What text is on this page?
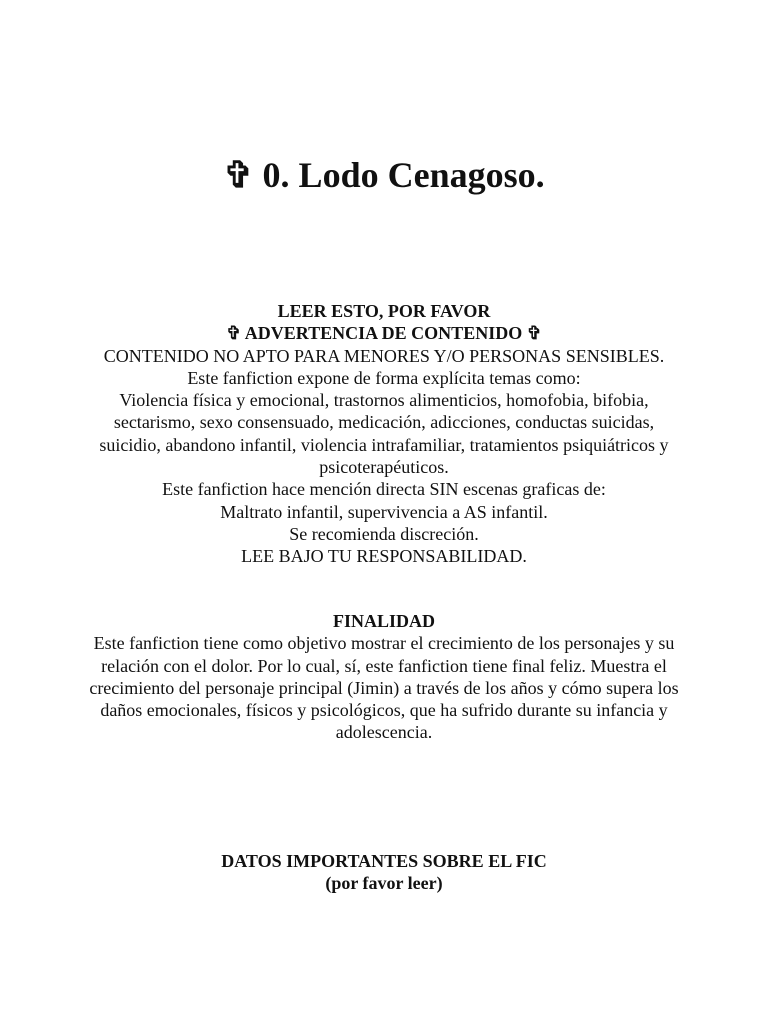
✞ 0. Lodo Cenagoso.

LEER ESTO, POR FAVOR

✞ ADVERTENCIA DE CONTENIDO ✞

CONTENIDO NO APTO PARA MENORES Y/O PERSONAS SENSIBLES.

Este fanfiction expone de forma explícita temas como:

Violencia física y emocional, trastornos alimenticios, homofobia, bifobia, sectarismo, sexo consensuado, medicación, adicciones, conductas suicidas, suicidio, abandono infantil, violencia intrafamiliar, tratamientos psiquiátricos y psicoterapéuticos.

Este fanfiction hace mención directa SIN escenas graficas de:

Maltrato infantil, supervivencia a AS infantil.

Se recomienda discreción.

LEE BAJO TU RESPONSABILIDAD.

FINALIDAD

Este fanfiction tiene como objetivo mostrar el crecimiento de los personajes y su relación con el dolor. Por lo cual, sí, este fanfiction tiene final feliz. Muestra el crecimiento del personaje principal (Jimin) a través de los años y cómo supera los daños emocionales, físicos y psicológicos, que ha sufrido durante su infancia y adolescencia.

DATOS IMPORTANTES SOBRE EL FIC

(por favor leer)
